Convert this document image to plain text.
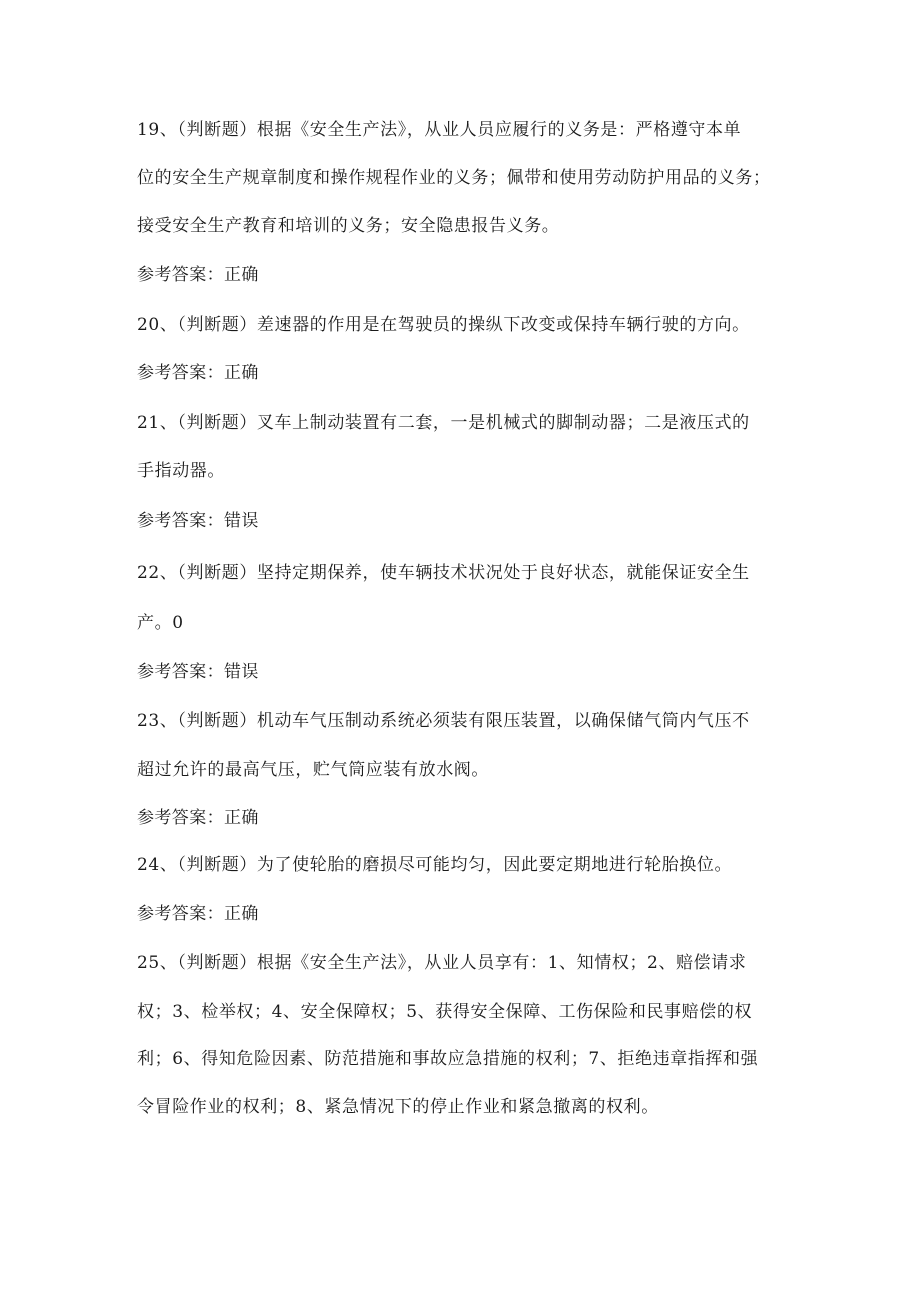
19、（判断题）根据《安全生产法》，从业人员应履行的义务是：严格遵守本单
位的安全生产规章制度和操作规程作业的义务；佩带和使用劳动防护用品的义务；
接受安全生产教育和培训的义务；安全隐患报告义务。
参考答案：正确
20、（判断题）差速器的作用是在驾驶员的操纵下改变或保持车辆行驶的方向。
参考答案：正确
21、（判断题）叉车上制动装置有二套，一是机械式的脚制动器；二是液压式的
手指动器。
参考答案：错误
22、（判断题）坚持定期保养，使车辆技术状况处于良好状态，就能保证安全生
产。0
参考答案：错误
23、（判断题）机动车气压制动系统必须装有限压装置，以确保储气筒内气压不
超过允许的最高气压，贮气筒应装有放水阀。
参考答案：正确
24、（判断题）为了使轮胎的磨损尽可能均匀，因此要定期地进行轮胎换位。
参考答案：正确
25、（判断题）根据《安全生产法》，从业人员享有：1、知情权；2、赔偿请求
权；3、检举权；4、安全保障权；5、获得安全保障、工伤保险和民事赔偿的权
利；6、得知危险因素、防范措施和事故应急措施的权利；7、拒绝违章指挥和强
令冒险作业的权利；8、紧急情况下的停止作业和紧急撤离的权利。
